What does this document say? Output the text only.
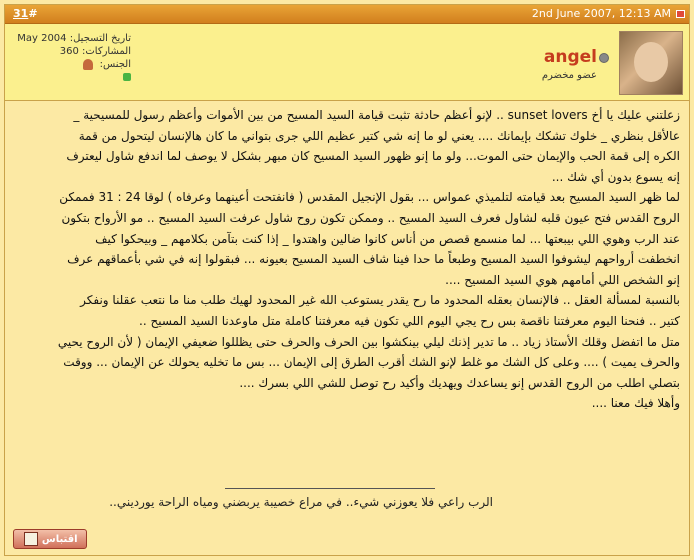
31#	2nd June 2007, 12:13 AM
تاريخ التسجيل: May 2004
المشاركات: 360
الجنس:	angel
عضو مخضرم

زعلتني عليك يا أخ sunset lovers .. لإنو أعظم حادثة تثبت قيامة السيد المسيح من بين الأموات وأعظم رسول للمسيحية _

عالأقل بنظري _ خلوك تشكك بإيمانك .... يعني لو ما إنه شي كتير عظيم اللي جرى بتواني ما كان هالإنسان ليتحول من قمة

الكره إلى قمة الحب والإيمان حتى الموت... ولو ما إنو ظهور السيد المسيح كان مبهر بشكل لا يوصف لما اندفع شاول ليعترف

إنه يسوع بدون أي شك ...

لما ظهر السيد المسيح بعد قيامته لتلميذي عمواس ... بقول الإنجيل المقدس ( فانفتحت أعينهما وعرفاه ) لوقا 24 : 31 فممكن

الروح القدس فتح عيون قلبه لشاول فعرف السيد المسيح .. وممكن تكون روح شاول عرفت السيد المسيح .. مو الأرواح بتكون

عند الرب وهوي اللي بيبعتها ... لما منسمع قصص من أناس كانوا ضالين واهتدوا _ إذا كنت بتآمن بكلامهم _ وبيحكوا كيف

انخطفت أرواحهم ليشوفوا السيد المسيح وطبعاً ما حدا فينا شاف السيد المسيح بعيونه ... فبقولوا إنه في شي بأعماقهم عرف

إنو الشخص اللي أمامهم هوي السيد المسيح ....

بالنسبة لمسألة العقل .. فالإنسان بعقله المحدود ما رح يقدر يستوعب الله غير المحدود لهيك طلب منا ما نتعب عقلنا ونفكر

كتير .. فنحنا اليوم معرفتنا ناقصة بس رح يجي اليوم اللي تكون فيه معرفتنا كاملة متل ماوعدنا السيد المسيح ..

متل ما اتفضل وقلك الأستاذ زياد .. ما تدير إذنك ليلي بينكشوا بين الحرف والحرف حتى يظللوا ضعيفي الإيمان ( لأن الروح يحيي

والحرف يميت ) .... وعلى كل الشك مو غلط لإنو الشك أقرب الطرق إلى الإيمان ... بس ما تخليه يحولك عن الإيمان ... ووقت

بتصلي اطلب من الروح القدس إنو يساعدك ويهديك وأكيد رح توصل للشي اللي بسرك ....

وأهلا فيك معنا ....

الرب راعي فلا يعوزني شيء.. في مراع خصيبة يربضني ومياه الراحة يورديني..
اقتباس
